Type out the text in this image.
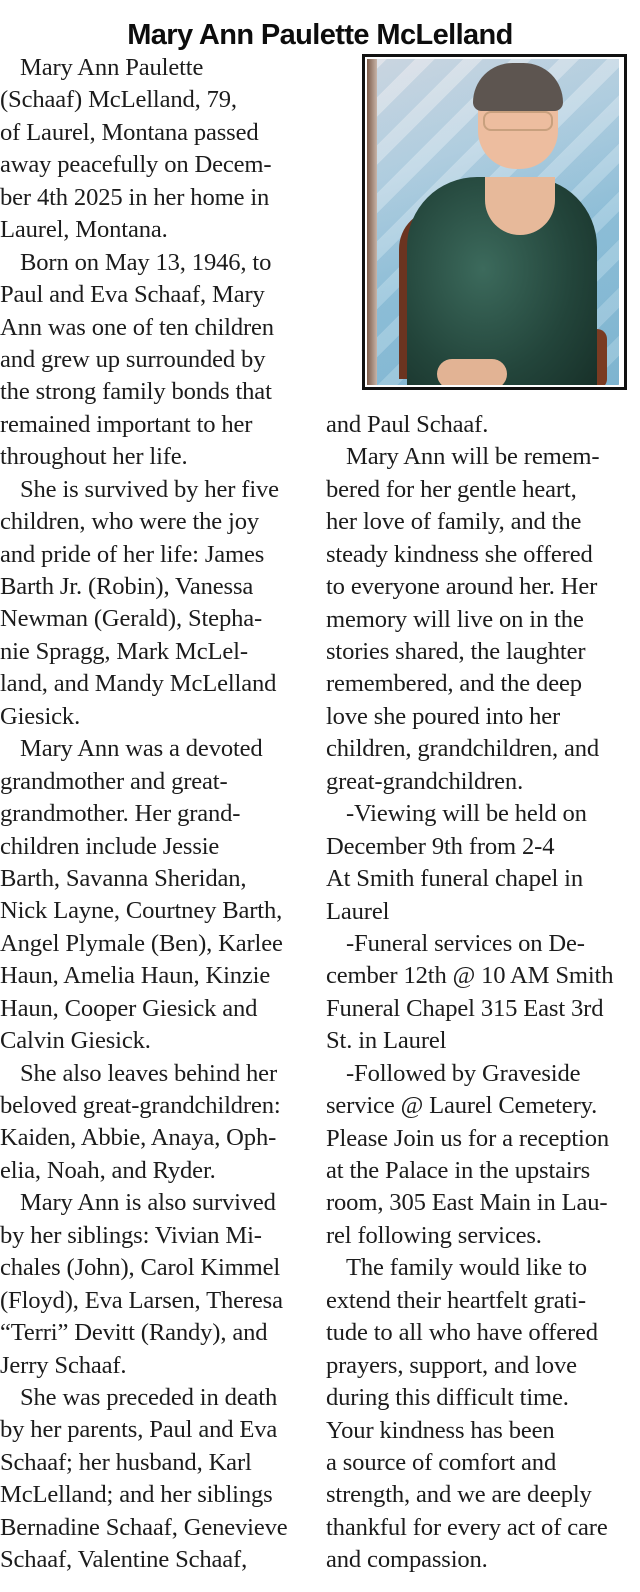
Mary Ann Paulette McLelland
Mary Ann Paulette
(Schaaf) McLelland, 79,
of Laurel, Montana passed
away peacefully on Decem-
ber 4th 2025 in her home in
Laurel, Montana.
Born on May 13, 1946, to
Paul and Eva Schaaf, Mary
Ann was one of ten children
and grew up surrounded by
the strong family bonds that
remained important to her
throughout her life.
She is survived by her five
children, who were the joy
and pride of her life: James
Barth Jr. (Robin), Vanessa
Newman (Gerald), Stepha-
nie Spragg, Mark McLel-
land, and Mandy McLelland
Giesick.
Mary Ann was a devoted
grandmother and great-
grandmother. Her grand-
children include Jessie
Barth, Savanna Sheridan,
Nick Layne, Courtney Barth,
Angel Plymale (Ben), Karlee
Haun, Amelia Haun, Kinzie
Haun, Cooper Giesick and
Calvin Giesick.
She also leaves behind her
beloved great-grandchildren:
Kaiden, Abbie, Anaya, Oph-
elia, Noah, and Ryder.
Mary Ann is also survived
by her siblings: Vivian Mi-
chales (John), Carol Kimmel
(Floyd), Eva Larsen, Theresa
“Terri” Devitt (Randy), and
Jerry Schaaf.
She was preceded in death
by her parents, Paul and Eva
Schaaf; her husband, Karl
McLelland; and her siblings
Bernadine Schaaf, Genevieve
Schaaf, Valentine Schaaf,
and Paul Schaaf.
Mary Ann will be remem-
bered for her gentle heart,
her love of family, and the
steady kindness she offered
to everyone around her. Her
memory will live on in the
stories shared, the laughter
remembered, and the deep
love she poured into her
children, grandchildren, and
great-grandchildren.
-Viewing will be held on
December 9th from 2-4
At Smith funeral chapel in
Laurel
-Funeral services on De-
cember 12th @ 10 AM Smith
Funeral Chapel 315 East 3rd
St. in Laurel
-Followed by Graveside
service @ Laurel Cemetery.
Please Join us for a reception
at the Palace in the upstairs
room, 305 East Main in Lau-
rel following services.
The family would like to
extend their heartfelt grati-
tude to all who have offered
prayers, support, and love
during this difficult time.
Your kindness has been
a source of comfort and
strength, and we are deeply
thankful for every act of care
and compassion.
